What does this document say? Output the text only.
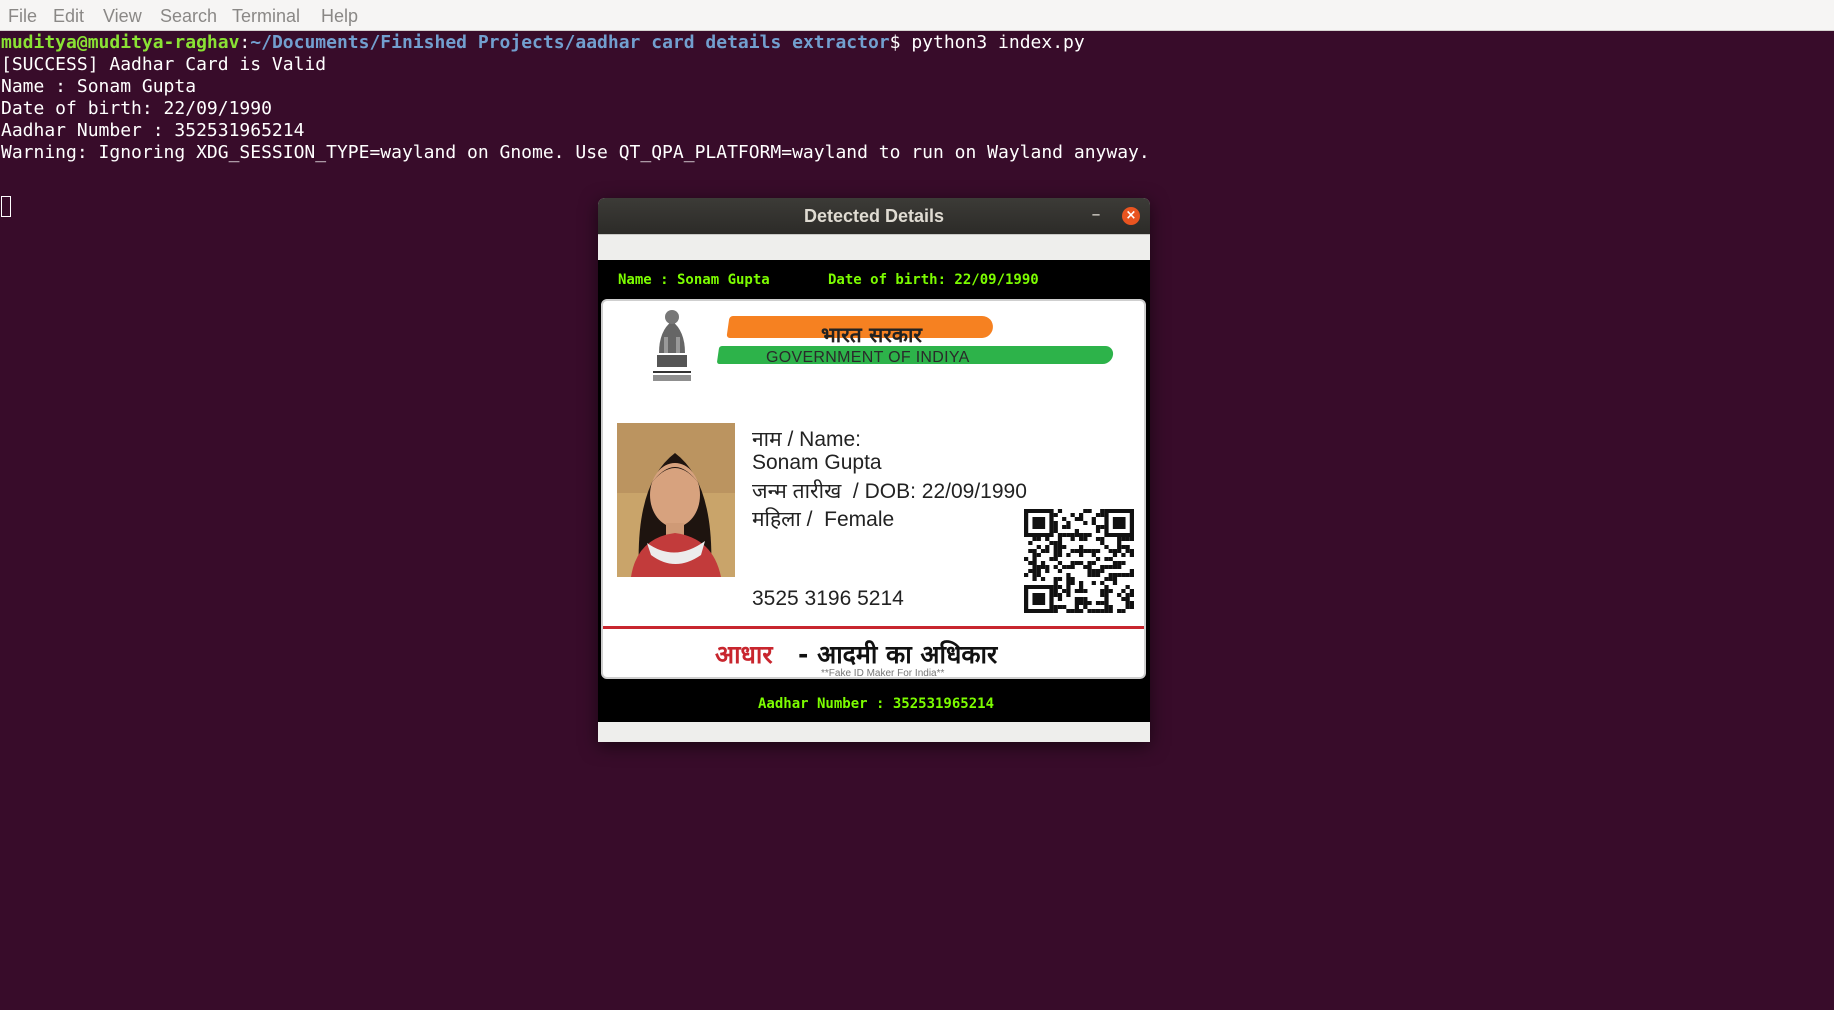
File Edit View Search Terminal Help
muditya@muditya-raghav:~/Documents/Finished Projects/aadhar card details extractor$ python3 index.py
[SUCCESS] Aadhar Card is Valid
Name : Sonam Gupta
Date of birth: 22/09/1990
Aadhar Number : 352531965214
Warning: Ignoring XDG_SESSION_TYPE=wayland on Gnome. Use QT_QPA_PLATFORM=wayland to run on Wayland anyway.
Detected Details	–	×
Name : Sonam Gupta	Date of birth: 22/09/1990
भारत सरकार
GOVERNMENT OF INDIYA
नाम / Name:
Sonam Gupta
जन्म तारीख  / DOB: 22/09/1990
महिला /  Female
3525 3196 5214
आधार - आदमी का अधिकार
**Fake ID Maker For India**
Aadhar Number : 352531965214
